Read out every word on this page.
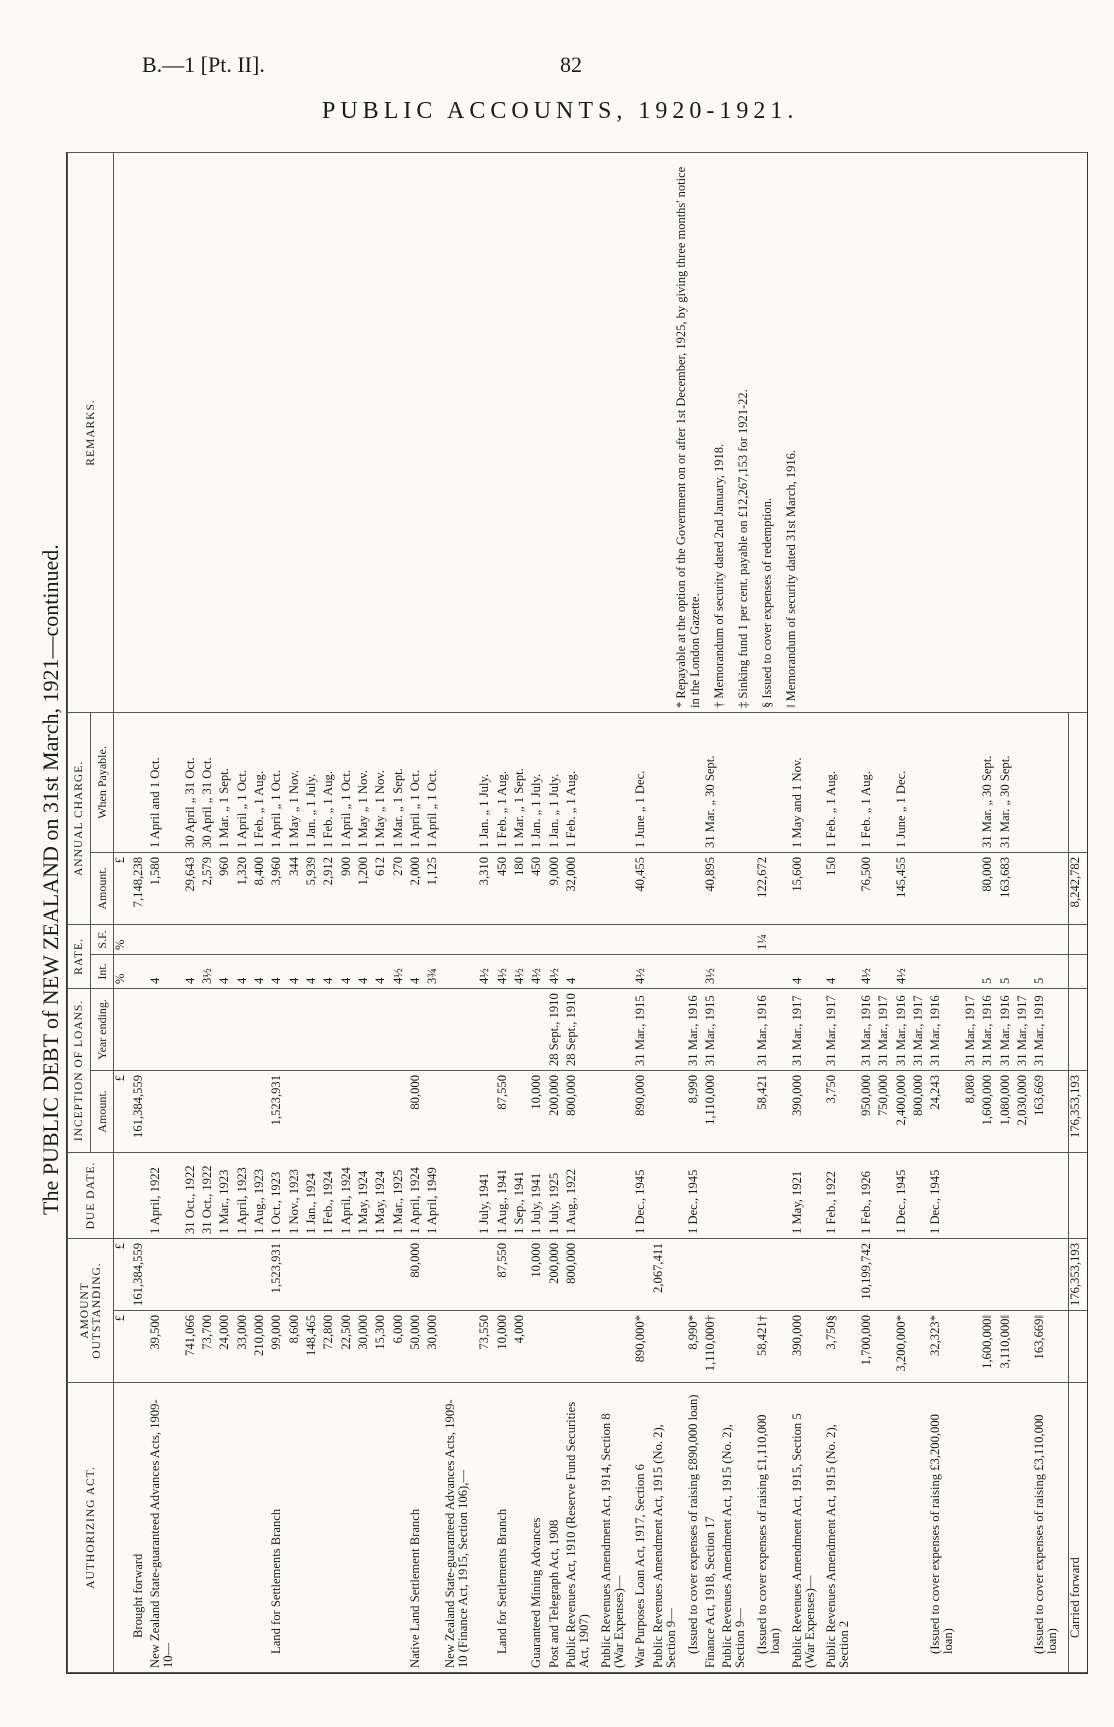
B.—1 [Pt. II].	82
PUBLIC ACCOUNTS, 1920-1921.
The PUBLIC DEBT of NEW ZEALAND on 31st March, 1921—continued.
AUTHORIZING ACT.	AMOUNT OUTSTANDING.		DUE DATE.	INCEPTION OF LOANS.		RATE.		ANNUAL CHARGE.		REMARKS.
				Amount.	Year ending.	Int.	S.F.	Amount.	When Payable.	
	£	£		£		%	%	£		* Repayable at the option of the Government on or after 1st December, 1925, by giving three months' notice in the London Gazette. † Memorandum of security dated 2nd January, 1918. ‡ Sinking fund 1 per cent. payable on £12,267,153 for 1921-22. § Issued to cover expenses of redemption. ‖ Memorandum of security dated 31st March, 1916.

Brought forward		161,384,559		161,384,559				7,148,238		
New Zealand State-guaranteed Advances Acts, 1909-10—	39,500		1 April, 1922			4		1,580	1 April and 1 Oct.	
	741,066		31 Oct., 1922			4		29,643	30 April „ 31 Oct.	
	73,700		31 Oct., 1922			3½		2,579	30 April „ 31 Oct.	
	24,000		1 Mar., 1923			4		960	1 Mar. „ 1 Sept.	
	33,000		1 April, 1923			4		1,320	1 April „ 1 Oct.	
	210,000		1 Aug., 1923			4		8,400	1 Feb. „ 1 Aug.	
Land for Settlements Branch	99,000	1,523,931	1 Oct., 1923	1,523,931		4		3,960	1 April „ 1 Oct.	
	8,600		1 Nov., 1923			4		344	1 May „ 1 Nov.	
	148,465		1 Jan., 1924			4		5,939	1 Jan. „ 1 July.	
	72,800		1 Feb., 1924			4		2,912	1 Feb. „ 1 Aug.	
	22,500		1 April, 1924			4		900	1 April „ 1 Oct.	
	30,000		1 May, 1924			4		1,200	1 May „ 1 Nov.	
	15,300		1 May, 1924			4		612	1 May „ 1 Nov.	
	6,000		1 Mar., 1925			4½		270	1 Mar. „ 1 Sept.	
Native Land Settlement Branch	50,000	80,000	1 April, 1924	80,000		4		2,000	1 April „ 1 Oct.	
	30,000		1 April, 1949			3¾		1,125	1 April „ 1 Oct.	
New Zealand State-guaranteed Advances Acts, 1909-10 (Finance Act, 1915, Section 106),—										
	73,550		1 July, 1941			4½		3,310	1 Jan. „ 1 July.	
Land for Settlements Branch	10,000	87,550	1 Aug., 1941	87,550		4½		450	1 Feb. „ 1 Aug.	
	4,000		1 Sep., 1941			4½		180	1 Mar. „ 1 Sept.	
Guaranteed Mining Advances		10,000	1 July, 1941	10,000		4½		450	1 Jan. „ 1 July.	
Post and Telegraph Act, 1908		200,000	1 July, 1925	200,000	28 Sept., 1910	4½		9,000	1 Jan. „ 1 July.	
Public Revenues Act, 1910 (Reserve Fund Securities Act, 1907)		800,000	1 Aug., 1922	800,000	28 Sept., 1910	4		32,000	1 Feb. „ 1 Aug.	
Public Revenues Amendment Act, 1914, Section 8 (War Expenses)—										
War Purposes Loan Act, 1917, Section 6	890,000*		1 Dec., 1945	890,000	31 Mar., 1915	4½		40,455	1 June „ 1 Dec.	
Public Revenues Amendment Act, 1915 (No. 2), Section 9—		2,067,411								
(Issued to cover expenses of raising £890,000 loan)	8,990*		1 Dec., 1945	8,990	31 Mar., 1916					
Finance Act, 1918, Section 17	1,110,000†			1,110,000	31 Mar., 1915	3½		40,895	31 Mar. „ 30 Sept.	
Public Revenues Amendment Act, 1915 (No. 2), Section 9—										
(Issued to cover expenses of raising £1,110,000 loan)	58,421†			58,421	31 Mar., 1916		1¼	122,672		
Public Revenues Amendment Act, 1915, Section 5 (War Expenses)—	390,000		1 May, 1921	390,000	31 Mar., 1917	4		15,600	1 May and 1 Nov.	
Public Revenues Amendment Act, 1915 (No. 2), Section 2	3,750§		1 Feb., 1922	3,750	31 Mar., 1917	4		150	1 Feb. „ 1 Aug.	
	1,700,000	10,199,742	1 Feb., 1926	950,000	31 Mar., 1916	4½		76,500	1 Feb. „ 1 Aug.	
				750,000	31 Mar., 1917					
	3,200,000*		1 Dec., 1945	2,400,000	31 Mar., 1916	4½		145,455	1 June „ 1 Dec.	
				800,000	31 Mar., 1917					
(Issued to cover expenses of raising £3,200,000 loan)	32,323*		1 Dec., 1945	24,243	31 Mar., 1916					
				8,080	31 Mar., 1917					
	1,600,000‖			1,600,000	31 Mar., 1916	5		80,000	31 Mar. „ 30 Sept.	
	3,110,000‖			1,080,000	31 Mar., 1916	5		163,683	31 Mar. „ 30 Sept.	
				2,030,000	31 Mar., 1917					
(Issued to cover expenses of raising £3,110,000 loan)	163,669‖			163,669	31 Mar., 1919	5				
Carried forward		176,353,193		176,353,193				8,242,782		
